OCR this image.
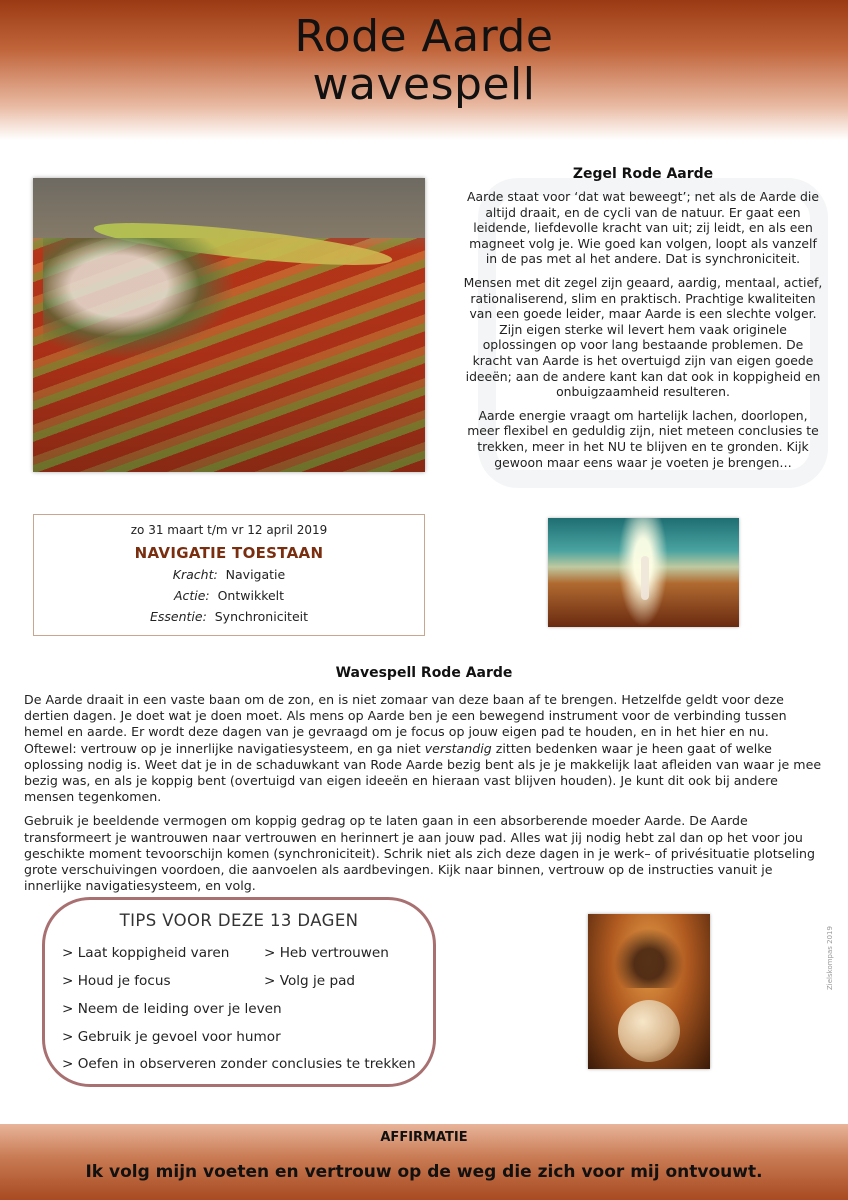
Rode Aarde
wavespell
Zegel Rode Aarde

Aarde staat voor ‘dat wat beweegt’; net als de Aarde die altijd draait, en de cycli van de natuur. Er gaat een leidende, liefdevolle kracht van uit; zij leidt, en als een magneet volg je. Wie goed kan volgen, loopt als vanzelf in de pas met al het andere. Dat is synchroniciteit.

Mensen met dit zegel zijn geaard, aardig, mentaal, actief, rationaliserend, slim en praktisch. Prachtige kwaliteiten van een goede leider, maar Aarde is een slechte volger. Zijn eigen sterke wil levert hem vaak originele oplossingen op voor lang bestaande problemen. De kracht van Aarde is het overtuigd zijn van eigen goede ideeën; aan de andere kant kan dat ook in koppigheid en onbuigzaamheid resulteren.

Aarde energie vraagt om hartelijk lachen, doorlopen, meer flexibel en geduldig zijn, niet meteen conclusies te trekken, meer in het NU te blijven en te gronden. Kijk gewoon maar eens waar je voeten je brengen…

zo 31 maart t/m vr 12 april 2019
NAVIGATIE TOESTAAN
Kracht: Navigatie
Actie: Ontwikkelt
Essentie: Synchroniciteit
Wavespell Rode Aarde

De Aarde draait in een vaste baan om de zon, en is niet zomaar van deze baan af te brengen. Hetzelfde geldt voor deze dertien dagen. Je doet wat je doen moet. Als mens op Aarde ben je een bewegend instrument voor de verbinding tussen hemel en aarde. Er wordt deze dagen van je gevraagd om je focus op jouw eigen pad te houden, en in het hier en nu. Oftewel: vertrouw op je innerlijke navigatiesysteem, en ga niet verstandig zitten bedenken waar je heen gaat of welke oplossing nodig is. Weet dat je in de schaduwkant van Rode Aarde bezig bent als je je makkelijk laat afleiden van waar je mee bezig was, en als je koppig bent (overtuigd van eigen ideeën en hieraan vast blijven houden). Je kunt dit ook bij andere mensen tegenkomen.

Gebruik je beeldende vermogen om koppig gedrag op te laten gaan in een absorberende moeder Aarde. De Aarde transformeert je wantrouwen naar vertrouwen en herinnert je aan jouw pad. Alles wat jij nodig hebt zal dan op het voor jou geschikte moment tevoorschijn komen (synchroniciteit). Schrik niet als zich deze dagen in je werk– of privésituatie plotseling grote verschuivingen voordoen, die aanvoelen als aardbevingen. Kijk naar binnen, vertrouw op de instructies vanuit je innerlijke navigatiesysteem, en volg.

TIPS VOOR DEZE 13 DAGEN
> Laat koppigheid varen	> Heb vertrouwen
> Houd je focus	> Volg je pad
> Neem de leiding over je leven
> Gebruik je gevoel voor humor
> Oefen in observeren zonder conclusies te trekken
Zielskompas 2019
AFFIRMATIE
Ik volg mijn voeten en vertrouw op de weg die zich voor mij ontvouwt.
